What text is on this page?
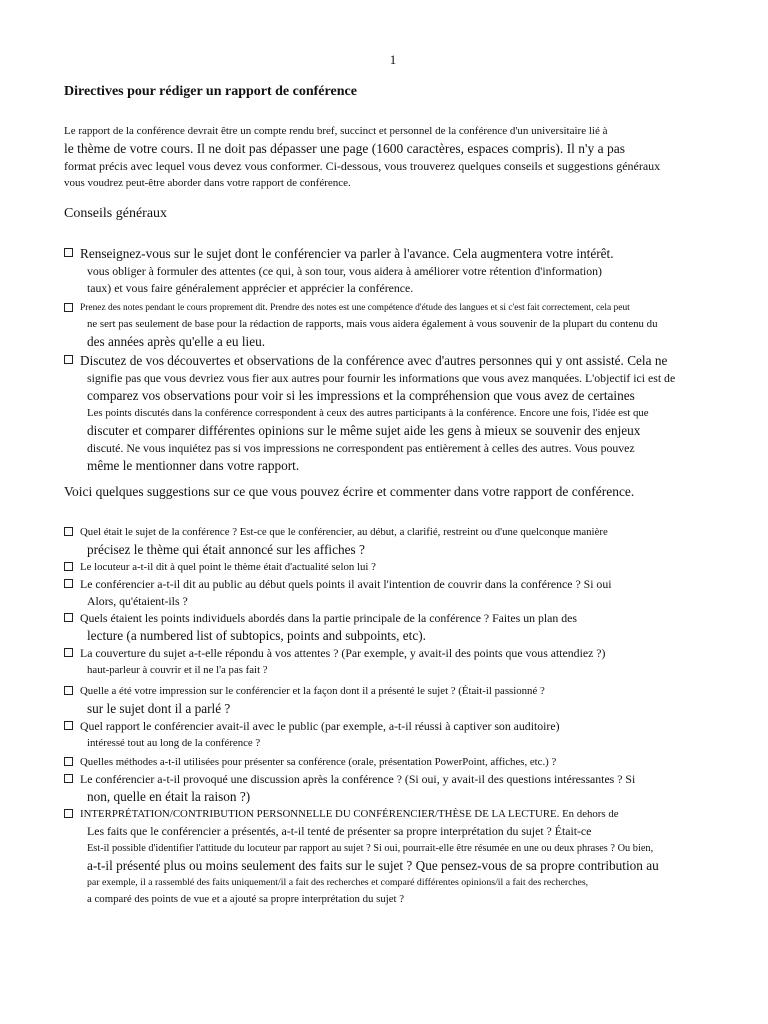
1
Directives pour rédiger un rapport de conférence
Le rapport de la conférence devrait être un compte rendu bref, succinct et personnel de la conférence d'un universitaire lié à
le thème de votre cours. Il ne doit pas dépasser une page (1600 caractères, espaces compris). Il n'y a pas
format précis avec lequel vous devez vous conformer. Ci-dessous, vous trouverez quelques conseils et suggestions généraux
vous voudrez peut-être aborder dans votre rapport de conférence.
Conseils généraux
Renseignez-vous sur le sujet dont le conférencier va parler à l'avance. Cela augmentera votre intérêt.
vous obliger à formuler des attentes (ce qui, à son tour, vous aidera à améliorer votre rétention d'information)
taux) et vous faire généralement apprécier et apprécier la conférence.
Prenez des notes pendant le cours proprement dit. Prendre des notes est une compétence d'étude des langues et si c'est fait correctement, cela peut
ne sert pas seulement de base pour la rédaction de rapports, mais vous aidera également à vous souvenir de la plupart du contenu du
des années après qu'elle a eu lieu.
Discutez de vos découvertes et observations de la conférence avec d'autres personnes qui y ont assisté. Cela ne
signifie pas que vous devriez vous fier aux autres pour fournir les informations que vous avez manquées. L'objectif ici est de
comparez vos observations pour voir si les impressions et la compréhension que vous avez de certaines
Les points discutés dans la conférence correspondent à ceux des autres participants à la conférence. Encore une fois, l'idée est que
discuter et comparer différentes opinions sur le même sujet aide les gens à mieux se souvenir des enjeux
discuté. Ne vous inquiétez pas si vos impressions ne correspondent pas entièrement à celles des autres. Vous pouvez
même le mentionner dans votre rapport.
Voici quelques suggestions sur ce que vous pouvez écrire et commenter dans votre rapport de conférence.
Quel était le sujet de la conférence ? Est-ce que le conférencier, au début, a clarifié, restreint ou d'une quelconque manière
précisez le thème qui était annoncé sur les affiches ?
Le locuteur a-t-il dit à quel point le thème était d'actualité selon lui ?
Le conférencier a-t-il dit au public au début quels points il avait l'intention de couvrir dans la conférence ? Si oui
Alors, qu'étaient-ils ?
Quels étaient les points individuels abordés dans la partie principale de la conférence ? Faites un plan des
lecture (a numbered list of subtopics, points and subpoints, etc).
La couverture du sujet a-t-elle répondu à vos attentes ? (Par exemple, y avait-il des points que vous attendiez ?)
haut-parleur à couvrir et il ne l'a pas fait ?
Quelle a été votre impression sur le conférencier et la façon dont il a présenté le sujet ? (Était-il passionné ?
sur le sujet dont il a parlé ?
Quel rapport le conférencier avait-il avec le public (par exemple, a-t-il réussi à captiver son auditoire)
intéressé tout au long de la conférence ?
Quelles méthodes a-t-il utilisées pour présenter sa conférence (orale, présentation PowerPoint, affiches, etc.) ?
Le conférencier a-t-il provoqué une discussion après la conférence ? (Si oui, y avait-il des questions intéressantes ? Si
non, quelle en était la raison ?)
INTERPRÉTATION/CONTRIBUTION PERSONNELLE DU CONFÉRENCIER/THÈSE DE LA LECTURE. En dehors de
Les faits que le conférencier a présentés, a-t-il tenté de présenter sa propre interprétation du sujet ? Était-ce
Est-il possible d'identifier l'attitude du locuteur par rapport au sujet ? Si oui, pourrait-elle être résumée en une ou deux phrases ? Ou bien,
a-t-il présenté plus ou moins seulement des faits sur le sujet ? Que pensez-vous de sa propre contribution au
par exemple, il a rassemblé des faits uniquement/il a fait des recherches et comparé différentes opinions/il a fait des recherches,
a comparé des points de vue et a ajouté sa propre interprétation du sujet ?
